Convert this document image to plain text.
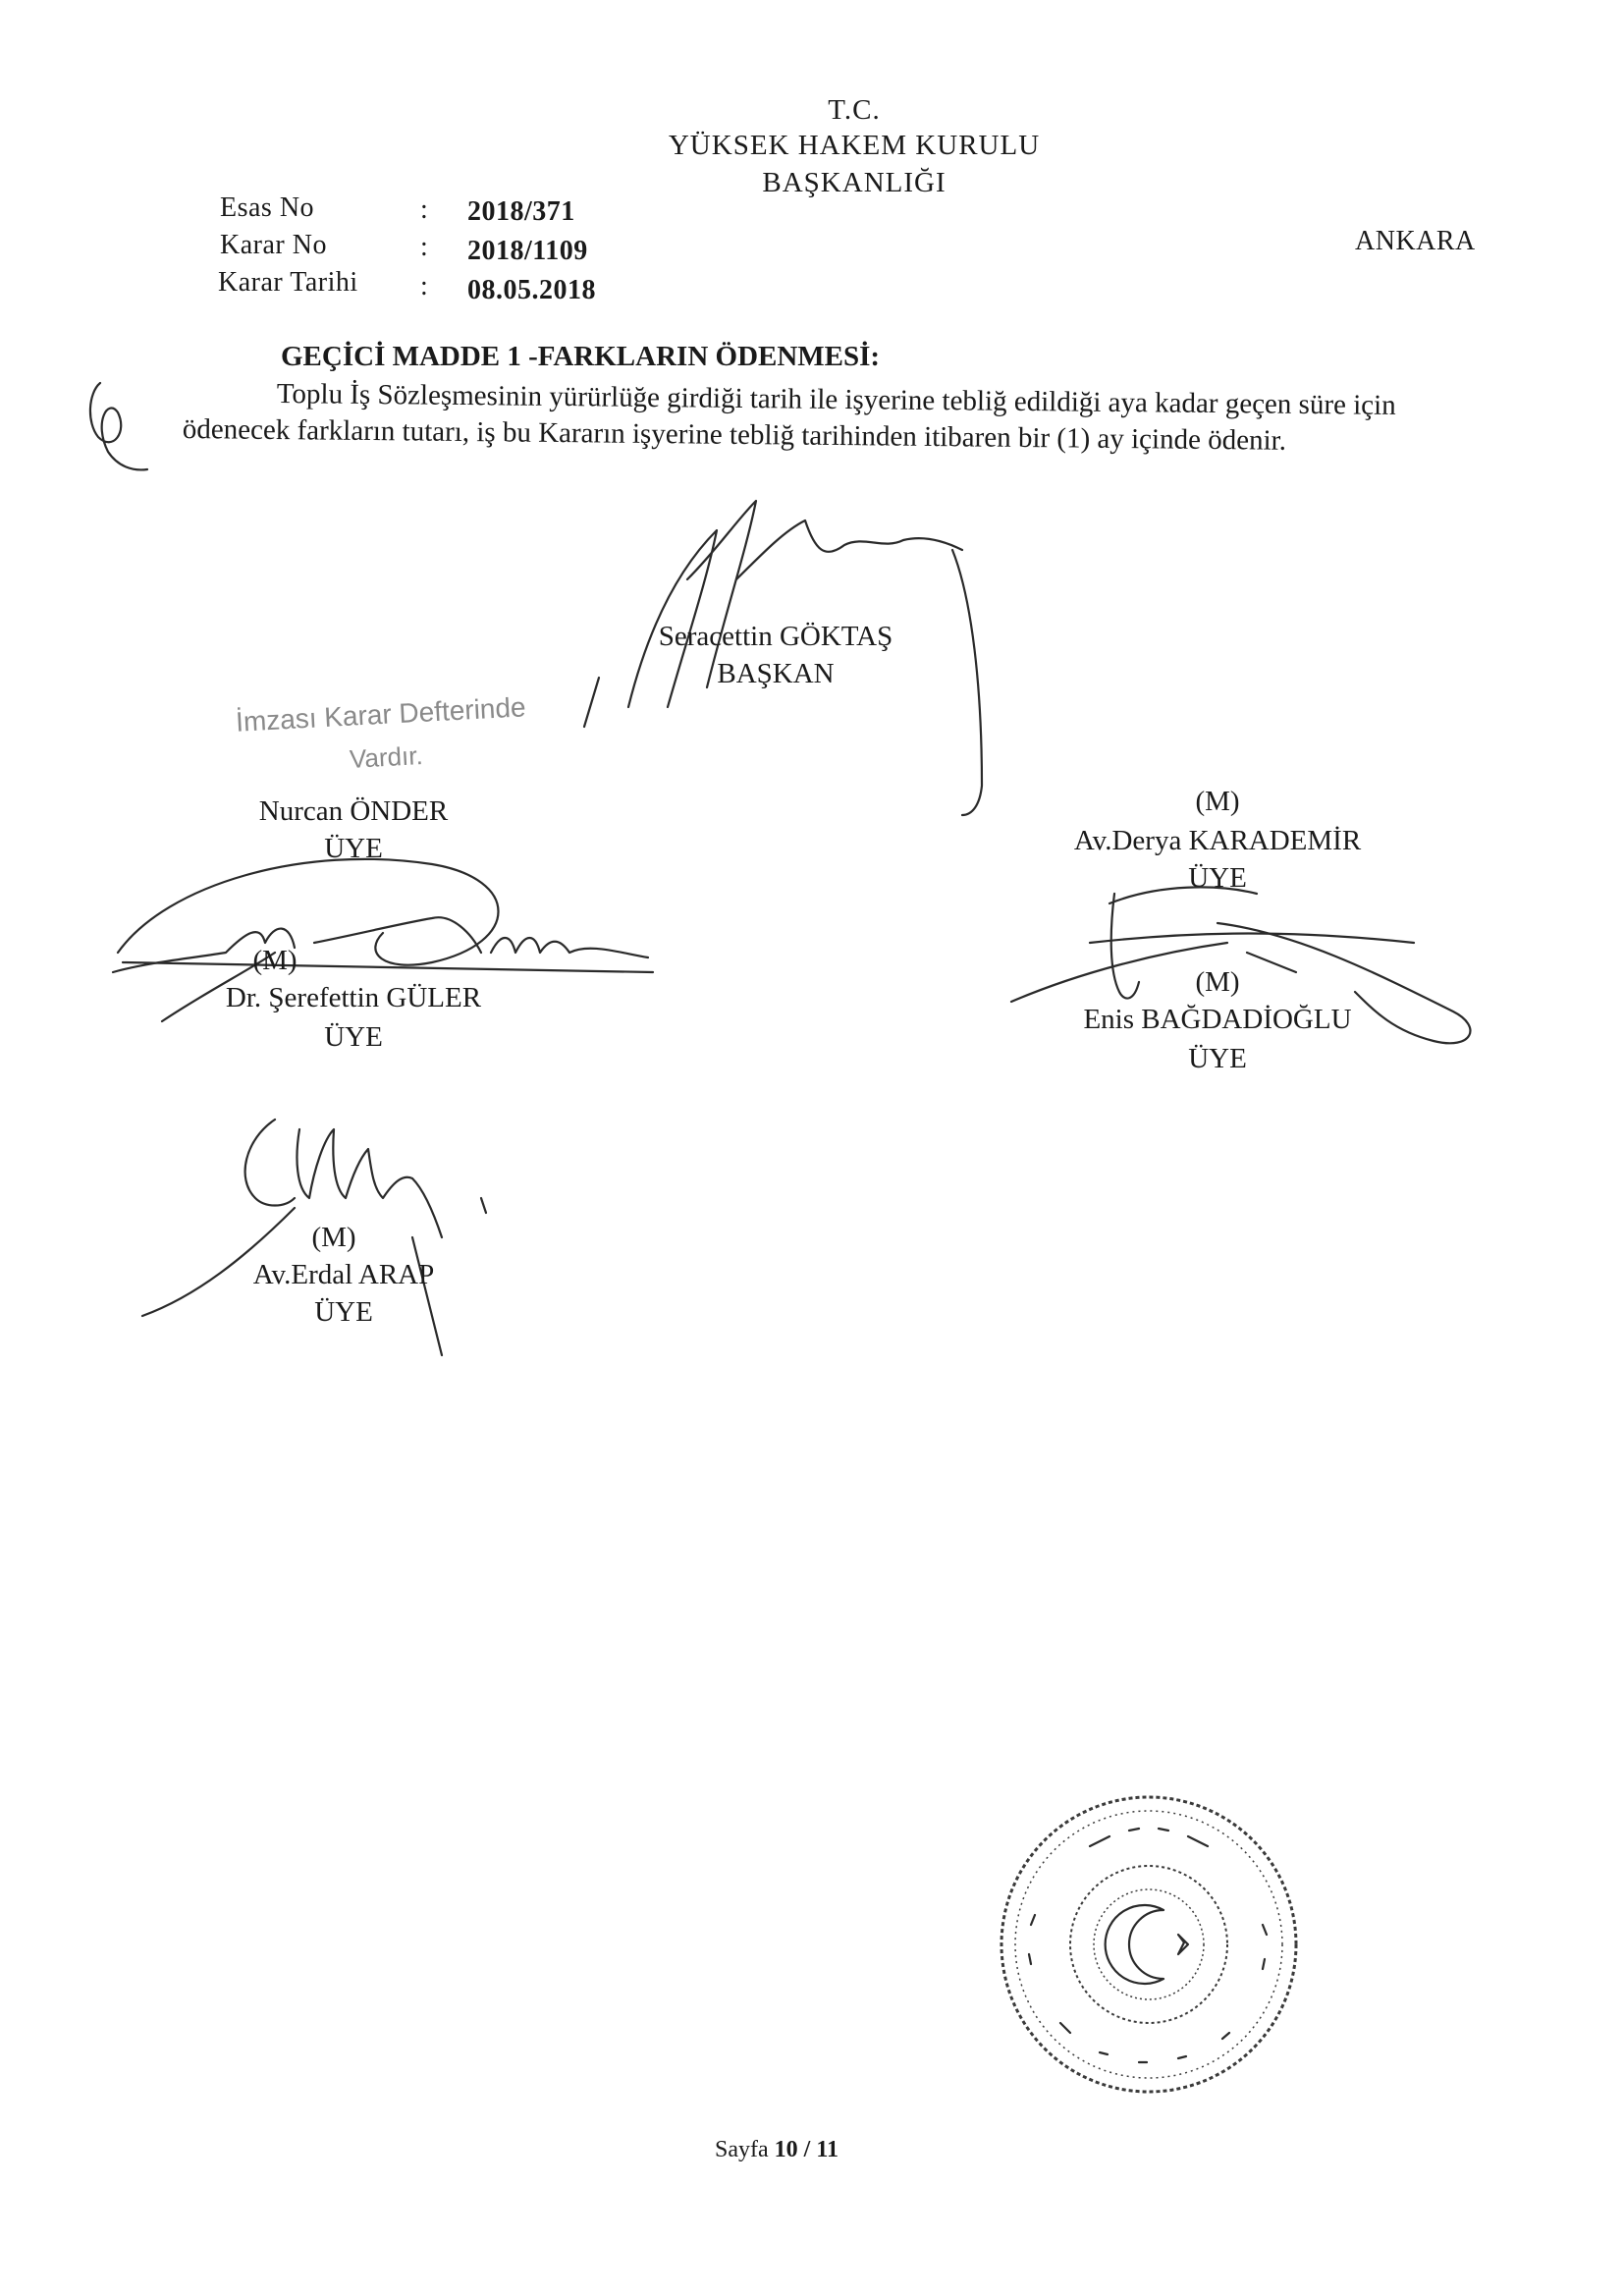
T.C.
YÜKSEK HAKEM KURULU
BAŞKANLIĞI
ANKARA
Esas No	: 2018/371
Karar No	: 2018/1109
Karar Tarihi : 08.05.2018
GEÇİCİ MADDE 1 -FARKLARIN ÖDENMESİ:
Toplu İş Sözleşmesinin yürürlüğe girdiği tarih ile işyerine tebliğ edildiği aya kadar geçen süre için
ödenecek farkların tutarı, iş bu Kararın işyerine tebliğ tarihinden itibaren bir (1) ay içinde ödenir.
İmzası Karar Defterinde
Vardır.
Seracettin GÖKTAŞ
BAŞKAN
Nurcan ÖNDER
ÜYE
(M)
Av.Derya KARADEMİR
ÜYE
(M)
Dr. Şerefettin GÜLER
ÜYE
(M)
Enis BAĞDADİOĞLU
ÜYE
(M)
Av.Erdal ARAP
ÜYE
Sayfa 10 / 11
